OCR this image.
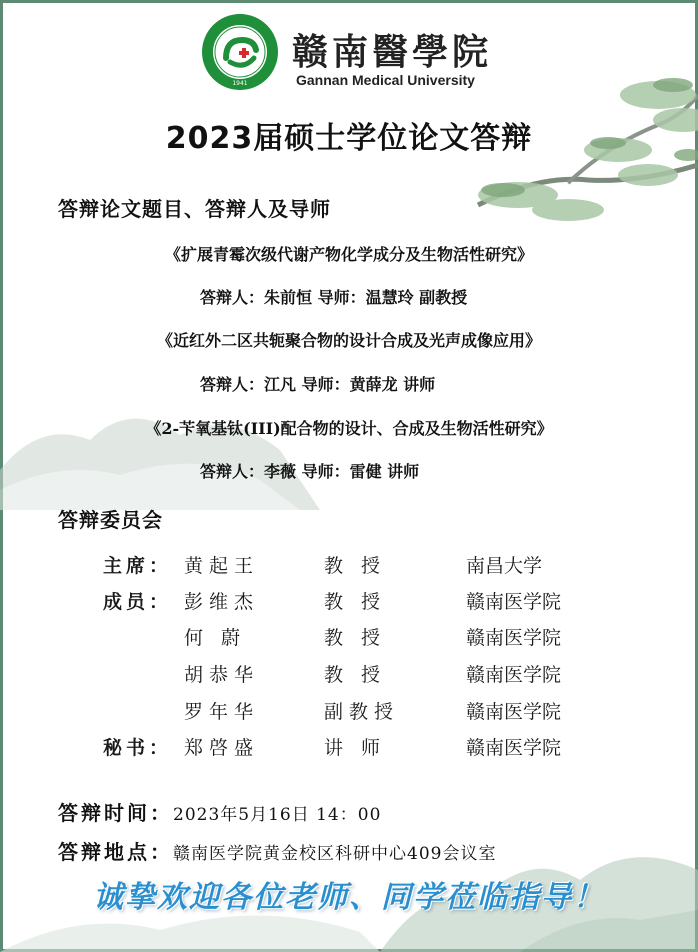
1941
赣南醫學院
Gannan Medical University
2023届硕士学位论文答辩
答辩论文题目、答辩人及导师
《扩展青霉次级代谢产物化学成分及生物活性研究》
答辩人：朱前恒 导师：温慧玲 副教授
《近红外二区共轭聚合物的设计合成及光声成像应用》
答辩人：江凡 导师：黄薛龙 讲师
《2-苄氧基钛(III)配合物的设计、合成及生物活性研究》
答辩人：李薇 导师：雷健 讲师
答辩委员会
主席： 黄起王	教 授	南昌大学
成员： 彭维杰	教 授	赣南医学院
何 蔚	教 授	赣南医学院
胡恭华	教 授	赣南医学院
罗年华	副教授	赣南医学院
秘书： 郑啓盛	讲 师	赣南医学院
答辩时间：2023年5月16日 14：00
答辩地点：赣南医学院黄金校区科研中心409会议室
诚挚欢迎各位老师、同学莅临指导！
